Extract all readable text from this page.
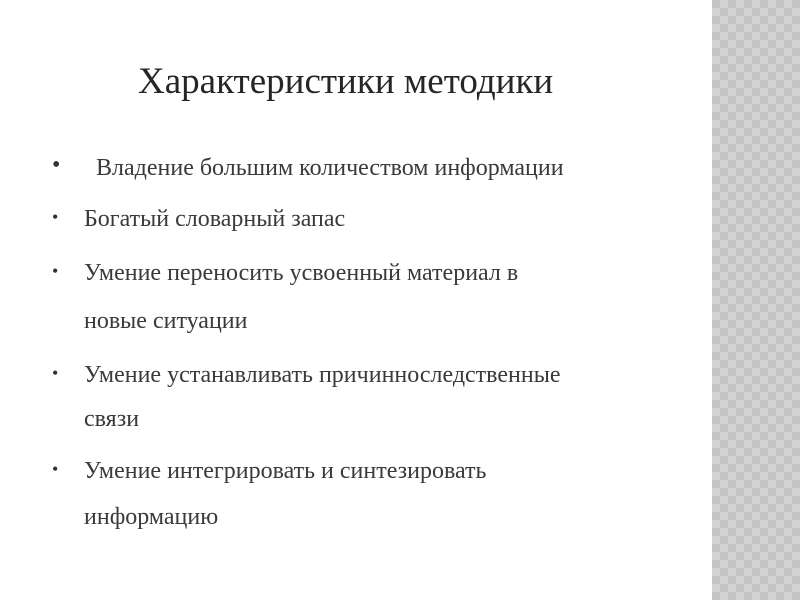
Характеристики методики
• Владение большим количеством информации
• Богатый словарный запас
• Умение переносить усвоенный материал в
новые ситуации
• Умение устанавливать причинноследственные
связи
• Умение интегрировать и синтезировать
информацию
